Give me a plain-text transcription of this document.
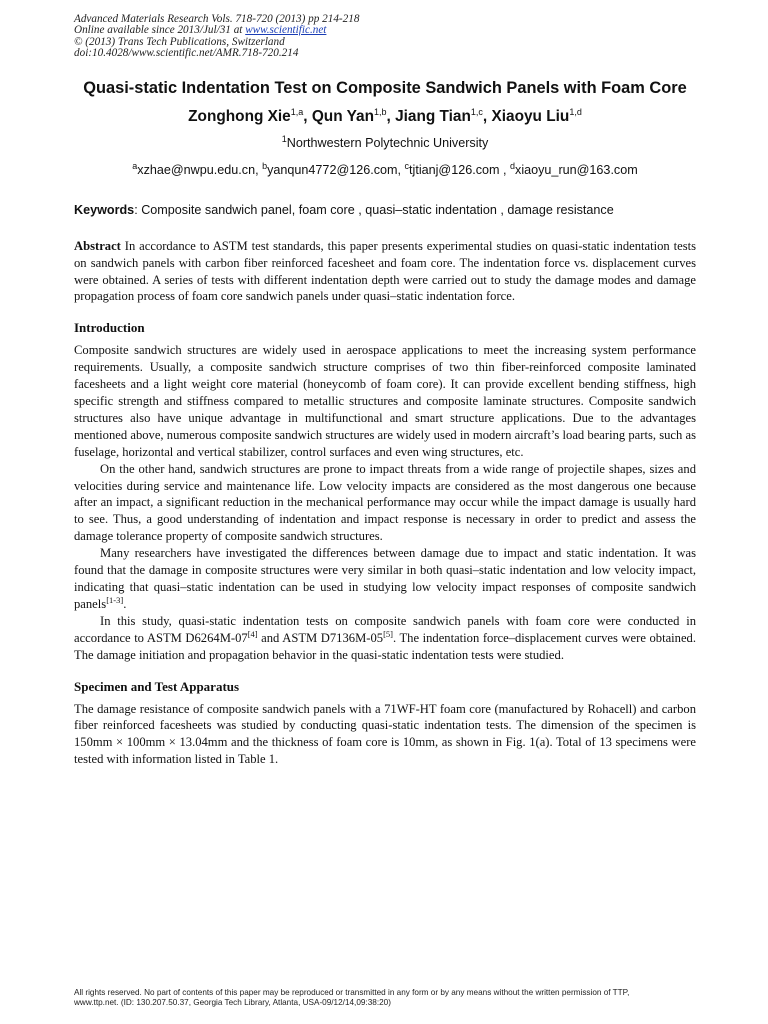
Advanced Materials Research Vols. 718-720 (2013) pp 214-218
Online available since 2013/Jul/31 at www.scientific.net
© (2013) Trans Tech Publications, Switzerland
doi:10.4028/www.scientific.net/AMR.718-720.214
Quasi-static Indentation Test on Composite Sandwich Panels with Foam Core
Zonghong Xie$^{1,a}$, Qun Yan$^{1,b}$, Jiang Tian$^{1,c}$, Xiaoyu Liu$^{1,d}$
$^1$Northwestern Polytechnic University
$^a$xzhae@nwpu.edu.cn, $^b$yanqun4772@126.com, $^c$tjtianj@126.com , $^d$xiaoyu_run@163.com
Keywords: Composite sandwich panel, foam core , quasi–static indentation , damage resistance

Abstract In accordance to ASTM test standards, this paper presents experimental studies on quasi-static indentation tests on sandwich panels with carbon fiber reinforced facesheet and foam core. The indentation force vs. displacement curves were obtained. A series of tests with different indentation depth were carried out to study the damage modes and damage propagation process of foam core sandwich panels under quasi–static indentation force.

Introduction

Composite sandwich structures are widely used in aerospace applications to meet the increasing system performance requirements. Usually, a composite sandwich structure comprises of two thin fiber-reinforced composite laminated facesheets and a light weight core material (honeycomb of foam core). It can provide excellent bending stiffness, high specific strength and stiffness compared to metallic structures and composite laminate structures. Composite sandwich structures also have unique advantage in multifunctional and smart structure applications. Due to the advantages mentioned above, numerous composite sandwich structures are widely used in modern aircraft’s load bearing parts, such as fuselage, horizontal and vertical stabilizer, control surfaces and even wing structures, etc.

On the other hand, sandwich structures are prone to impact threats from a wide range of projectile shapes, sizes and velocities during service and maintenance life. Low velocity impacts are considered as the most dangerous one because after an impact, a significant reduction in the mechanical performance may occur while the impact damage is usually hard to see. Thus, a good understanding of indentation and impact response is necessary in order to predict and assess the damage tolerance property of composite sandwich structures.

Many researchers have investigated the differences between damage due to impact and static indentation. It was found that the damage in composite structures were very similar in both quasi–static indentation and low velocity impact, indicating that quasi–static indentation can be used in studying low velocity impact responses of composite sandwich panels[1-3].

In this study, quasi-static indentation tests on composite sandwich panels with foam core were conducted in accordance to ASTM D6264M-07[4] and ASTM D7136M-05[5]. The indentation force–displacement curves were obtained. The damage initiation and propagation behavior in the quasi-static indentation tests were studied.

Specimen and Test Apparatus

The damage resistance of composite sandwich panels with a 71WF-HT foam core (manufactured by Rohacell) and carbon fiber reinforced facesheets was studied by conducting quasi-static indentation tests. The dimension of the specimen is 150mm × 100mm × 13.04mm and the thickness of foam core is 10mm, as shown in Fig. 1(a). Total of 13 specimens were tested with information listed in Table 1.

All rights reserved. No part of contents of this paper may be reproduced or transmitted in any form or by any means without the written permission of TTP,
www.ttp.net. (ID: 130.207.50.37, Georgia Tech Library, Atlanta, USA-09/12/14,09:38:20)
